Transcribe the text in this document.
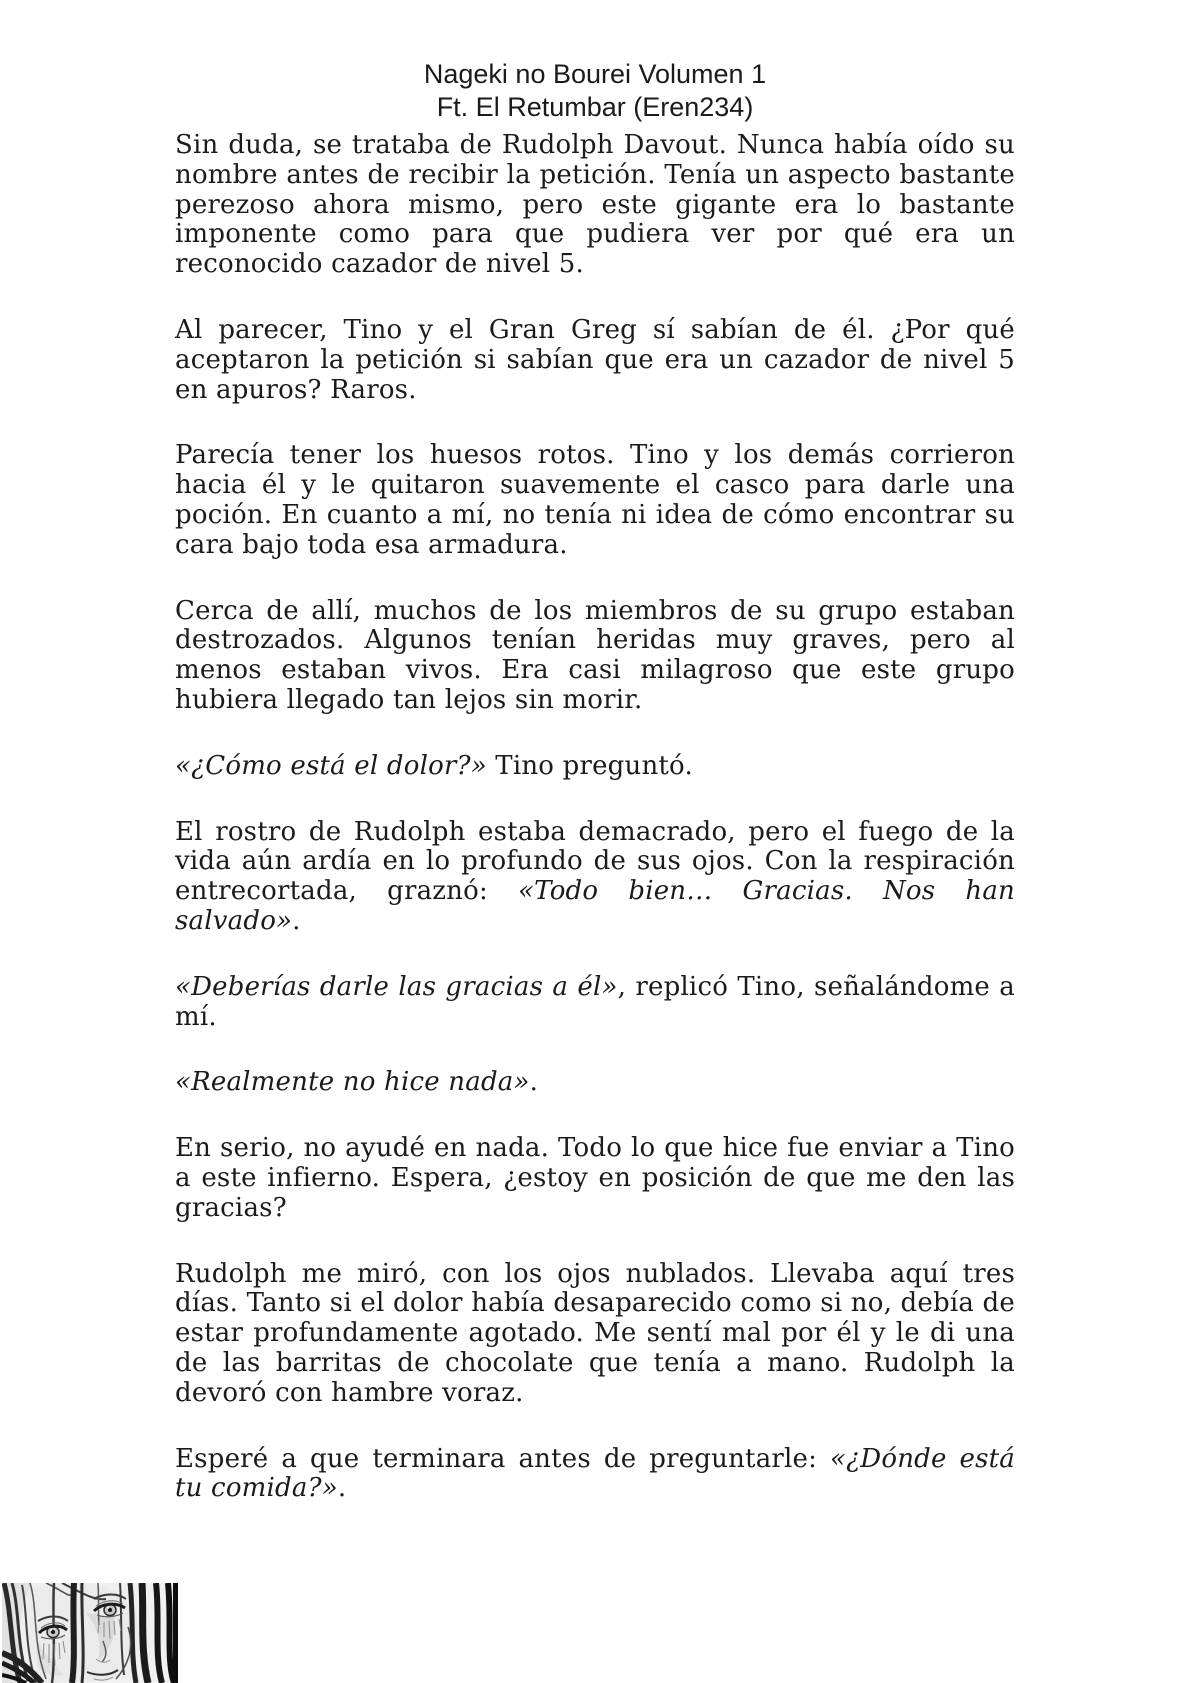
Nageki no Bourei Volumen 1
Ft. El Retumbar (Eren234)

Sin duda, se trataba de Rudolph Davout. Nunca había oído su nombre antes de recibir la petición. Tenía un aspecto bastante perezoso ahora mismo, pero este gigante era lo bastante imponente como para que pudiera ver por qué era un reconocido cazador de nivel 5.

Al parecer, Tino y el Gran Greg sí sabían de él. ¿Por qué aceptaron la petición si sabían que era un cazador de nivel 5 en apuros? Raros.

Parecía tener los huesos rotos. Tino y los demás corrieron hacia él y le quitaron suavemente el casco para darle una poción. En cuanto a mí, no tenía ni idea de cómo encontrar su cara bajo toda esa armadura.

Cerca de allí, muchos de los miembros de su grupo estaban destrozados. Algunos tenían heridas muy graves, pero al menos estaban vivos. Era casi milagroso que este grupo hubiera llegado tan lejos sin morir.

«¿Cómo está el dolor?» Tino preguntó.

El rostro de Rudolph estaba demacrado, pero el fuego de la vida aún ardía en lo profundo de sus ojos. Con la respiración entrecortada, graznó: «Todo bien… Gracias. Nos han salvado».

«Deberías darle las gracias a él», replicó Tino, señalándome a mí.

«Realmente no hice nada».

En serio, no ayudé en nada. Todo lo que hice fue enviar a Tino a este infierno. Espera, ¿estoy en posición de que me den las gracias?

Rudolph me miró, con los ojos nublados. Llevaba aquí tres días. Tanto si el dolor había desaparecido como si no, debía de estar profundamente agotado. Me sentí mal por él y le di una de las barritas de chocolate que tenía a mano. Rudolph la devoró con hambre voraz.

Esperé a que terminara antes de preguntarle: «¿Dónde está tu comida?».
